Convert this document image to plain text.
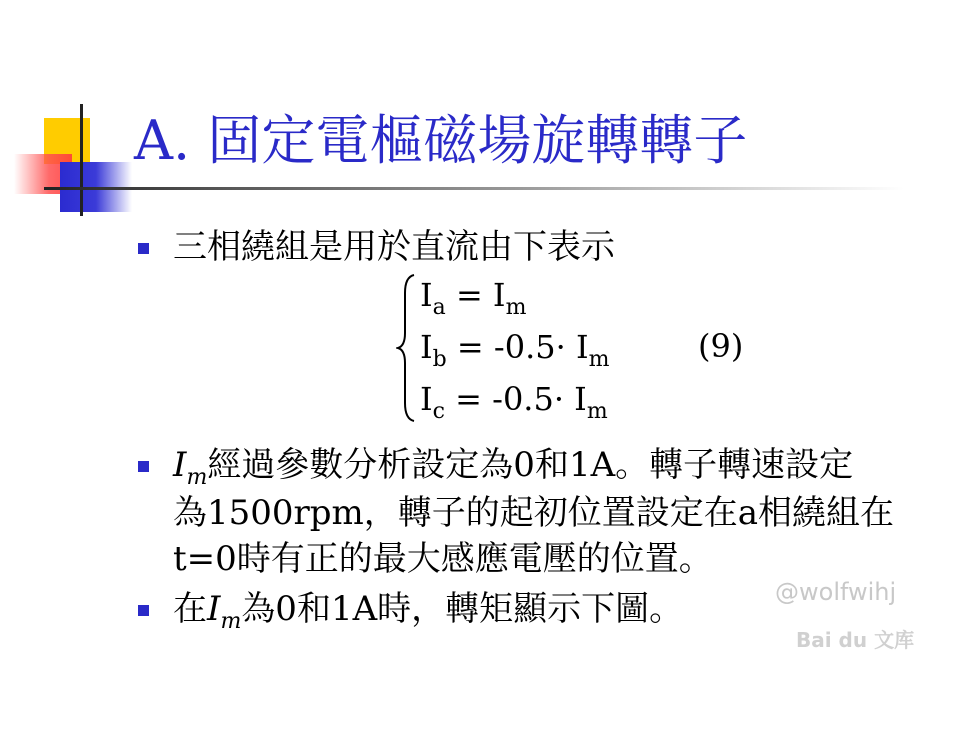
A. 固定電樞磁場旋轉轉子
三相繞組是用於直流由下表示
$I_a = I_m$
$I_b = -0.5\cdot I_m$
$I_c = -0.5\cdot I_m$
(9)
$I_m$經過參數分析設定為0和1A。轉子轉速設定
為1500rpm，轉子的起初位置設定在a相繞組在
t=0時有正的最大感應電壓的位置。
在$I_m$為0和1A時，轉矩顯示下圖。	@wolfwihj
Bai du 文库
